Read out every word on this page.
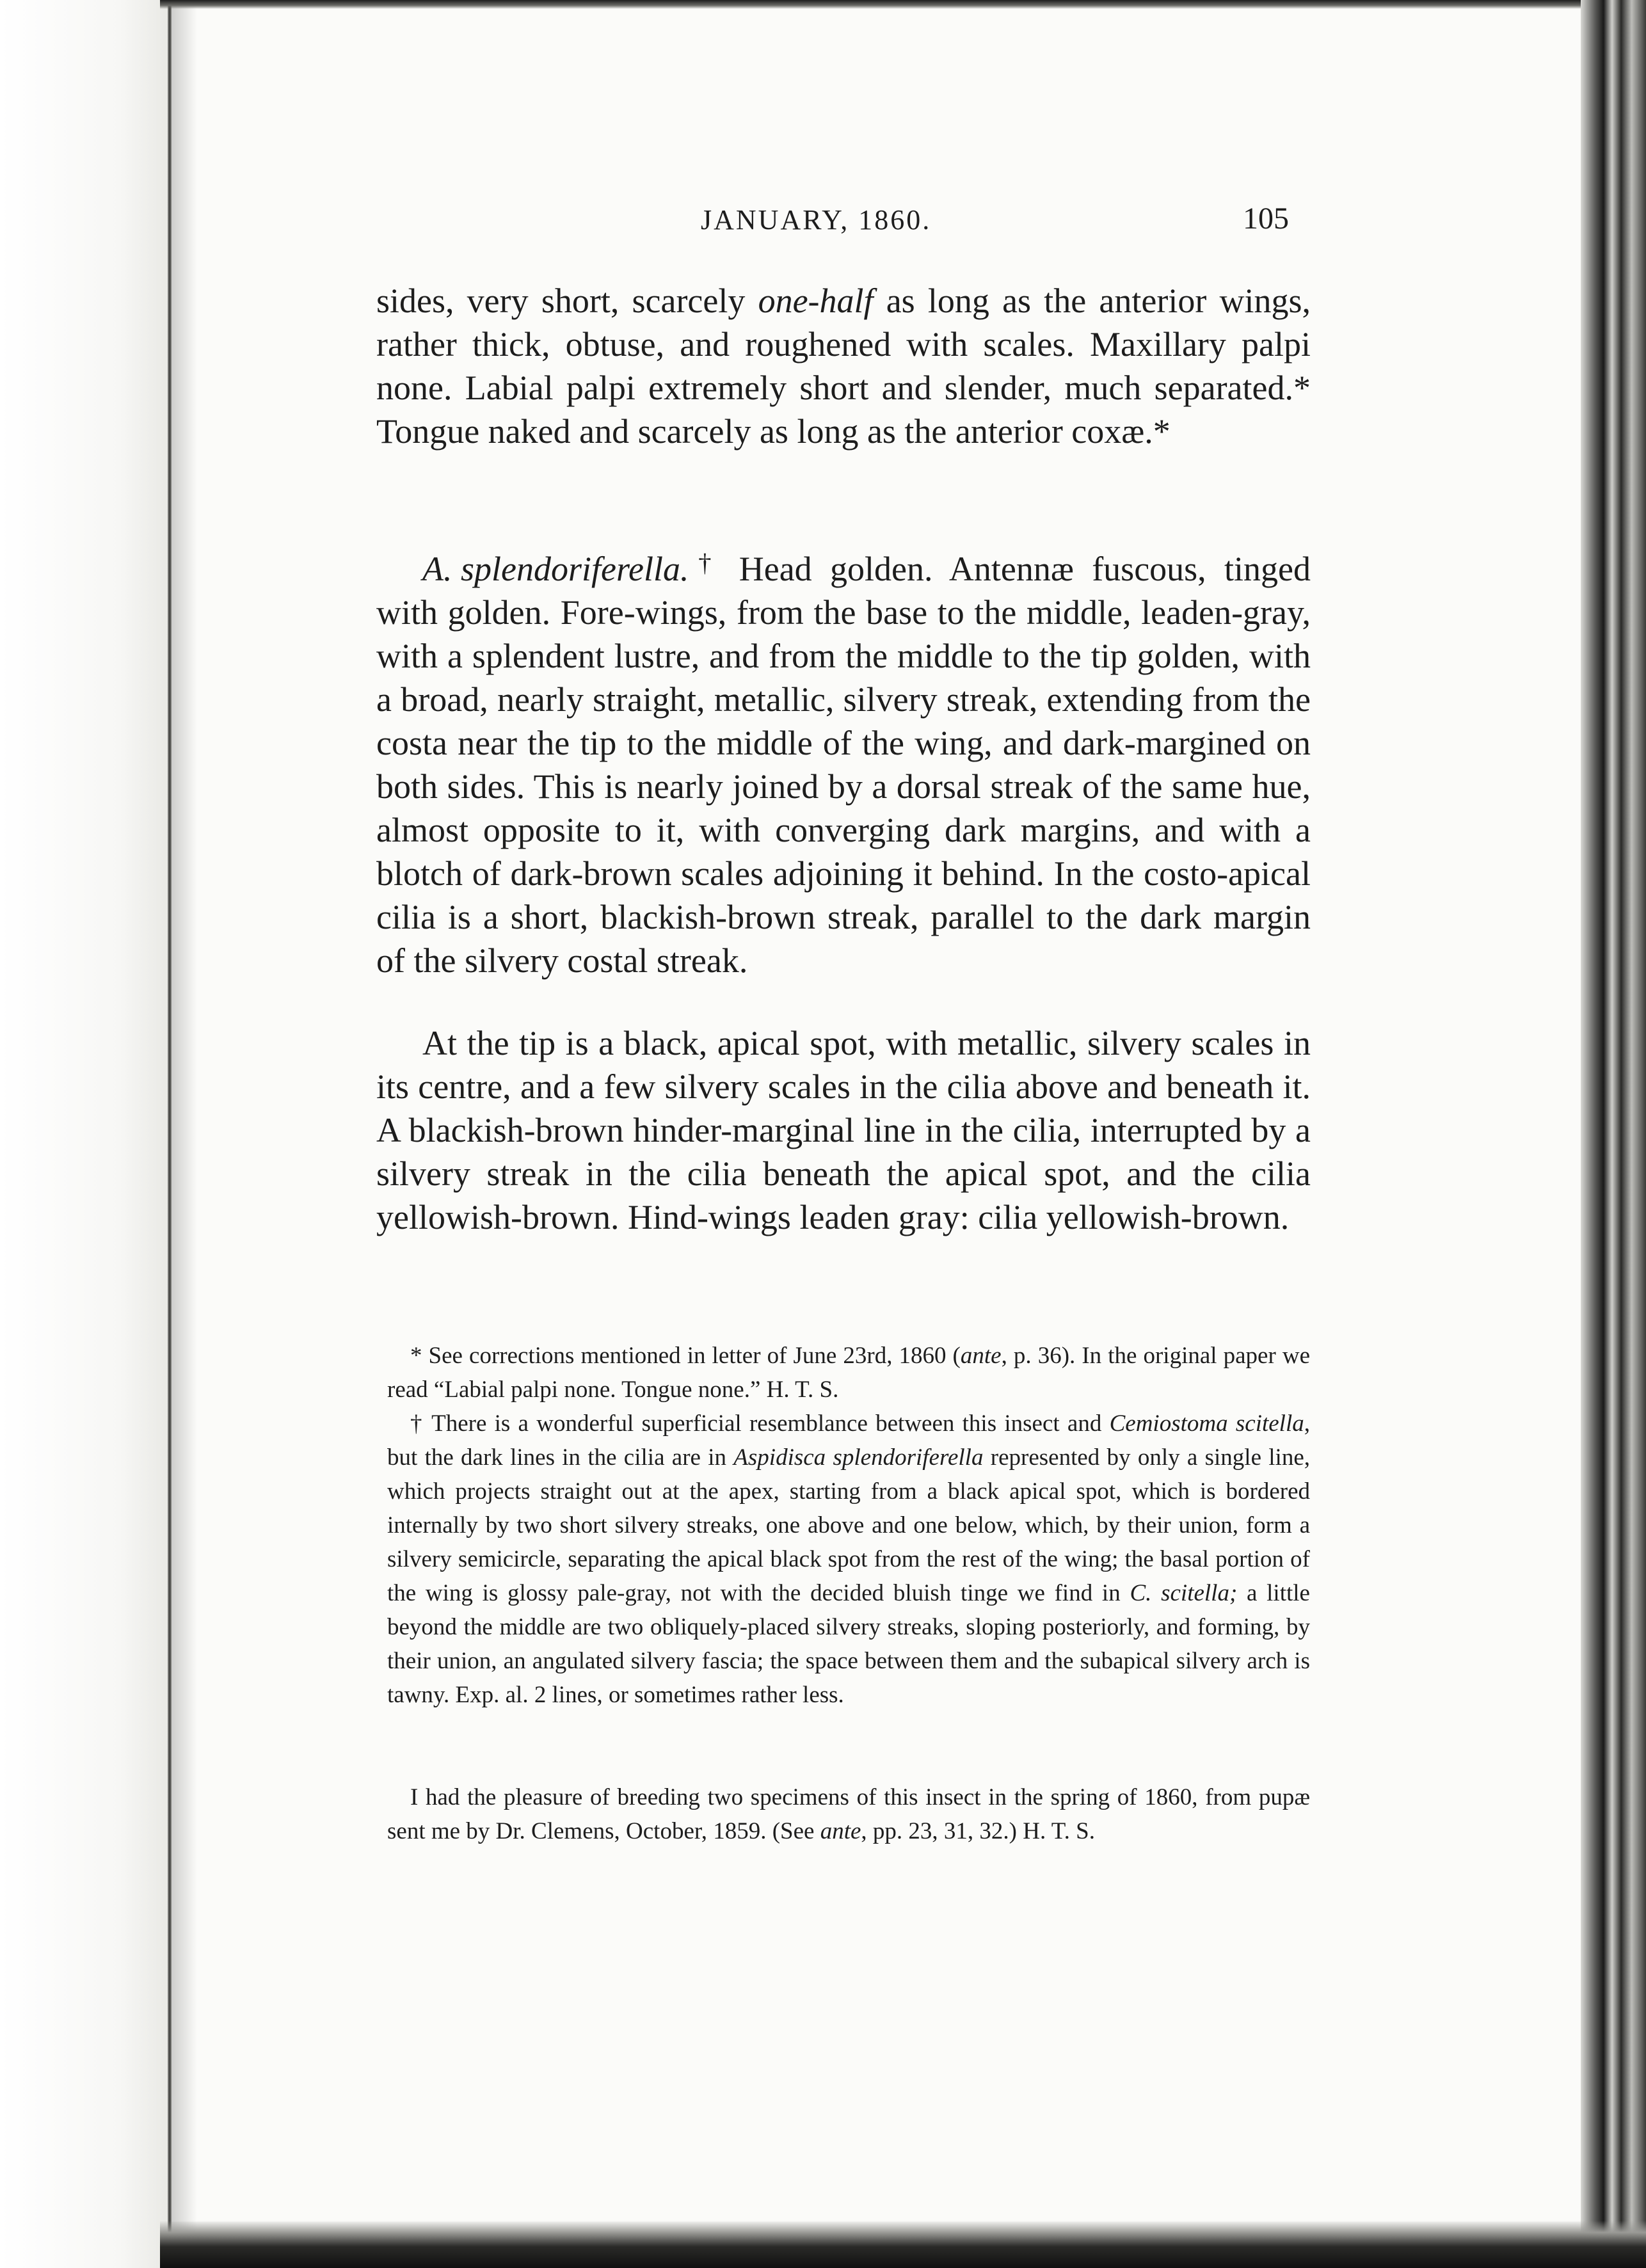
JANUARY, 1860.	105

sides, very short, scarcely one-half as long as the anterior wings, rather thick, obtuse, and roughened with scales. Maxillary palpi none. Labial palpi extremely short and slender, much separated.* Tongue naked and scarcely as long as the anterior coxæ.*

A. splendoriferella.† Head golden. Antennæ fuscous, tinged with golden. Fore-wings, from the base to the middle, leaden-gray, with a splendent lustre, and from the middle to the tip golden, with a broad, nearly straight, metallic, silvery streak, extending from the costa near the tip to the middle of the wing, and dark-margined on both sides. This is nearly joined by a dorsal streak of the same hue, almost opposite to it, with converging dark margins, and with a blotch of dark-brown scales adjoining it behind. In the costo-apical cilia is a short, blackish-brown streak, parallel to the dark margin of the silvery costal streak.

At the tip is a black, apical spot, with metallic, silvery scales in its centre, and a few silvery scales in the cilia above and beneath it. A blackish-brown hinder-marginal line in the cilia, interrupted by a silvery streak in the cilia beneath the apical spot, and the cilia yellowish-brown. Hind-wings leaden gray: cilia yellowish-brown.

* See corrections mentioned in letter of June 23rd, 1860 (ante, p. 36). In the original paper we read “Labial palpi none. Tongue none.” H. T. S.

† There is a wonderful superficial resemblance between this insect and Cemiostoma scitella, but the dark lines in the cilia are in Aspidisca splendoriferella represented by only a single line, which projects straight out at the apex, starting from a black apical spot, which is bordered internally by two short silvery streaks, one above and one below, which, by their union, form a silvery semicircle, separating the apical black spot from the rest of the wing; the basal portion of the wing is glossy pale-gray, not with the decided bluish tinge we find in C. scitella; a little beyond the middle are two obliquely-placed silvery streaks, sloping posteriorly, and forming, by their union, an angulated silvery fascia; the space between them and the subapical silvery arch is tawny. Exp. al. 2 lines, or sometimes rather less.

I had the pleasure of breeding two specimens of this insect in the spring of 1860, from pupæ sent me by Dr. Clemens, October, 1859. (See ante, pp. 23, 31, 32.) H. T. S.
